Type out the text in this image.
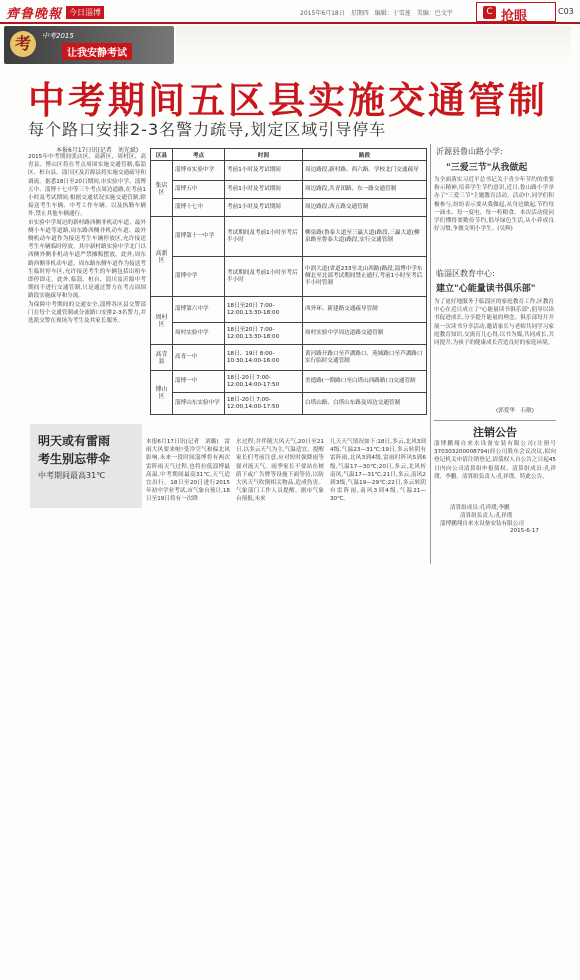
齊鲁晚報 今日淄博	2015年6月18日　星期四　编辑：于雪莲　美编：巴文宇	C 抢眼	C03
考	中考2015
让我安静考试
中考期间五区县实施交通管制
每个路口安排2-3名警力疏导,划定区域引导停车
本报6月17日讯(记者　刘光斌)

2015年中考期间张店区、高新区、周村区、高青县、博山区将在考点周围实施交通管制,临淄区、桓台县、淄川区及沂源县将实施交通疏导和调流。据悉18日至20日期间,市实验中学、淄博五中、淄博十七中等三个考点周边道路,在考前1小时及考试期间,根据交通状况实施交通管制,除接送考生车辆、中考工作车辆、以及执勤车辆外,禁止其他车辆通行。

市实验中学周边的新村路西侧非机动车道、最外侧小车道等道路,周东路西侧非机动车道、最外侧机动车道作为接送考生车辆停放区,允许接送考生车辆临时停放。其中新村路实验中学北门以西侧外侧非机动车道严禁摊贩摆放。此外,周东路西侧非机动车道、周东路东侧车道作为接送考生临时停车区,允许接送考生的车辆包括出租车即停即走。此外,临淄、桓台、淄川及沂源中考期间不进行交通管制,只是通过警力在考点周围路段实施疏导和分流。

为保障中考期间的交通安全,淄博各区县交警部门在每个交通管制或分流路口安排2-3名警力,并选派交警在现场为考生及其家长服务。

区县	考点	时间	路段
张店区	淄博市实验中学	考前1小时及考试期间	周边路段,新村路、西六路、学校北门交通疏导
	淄博五中	考前1小时及考试期间	周边路段,共青团路、东一路交通管制
	淄博十七中	考前1小时及考试期间	周边路段,西五路交通管制
高新区	淄博第十一中学	考试期间及考前1小时至考后半小时	柳泉路(鲁泰大道至三赢大道)路段,三赢大道(柳泉路至鲁泰大道)路段,实行交通管制
	淄博中学	考试期间及考前1小时至考后半小时	中润大道(省道233至北山西路)路段,淄博中学东侧北至北部考试期间禁止通行,考前1小时至考后半小时管制
周村区	淄博第六中学	18日至20日 7:00-12:00,13:30-18:00	西外环、新建路交通疏导管制
	周村实验中学	18日至20日 7:00-12:00,13:30-18:00	周村实验中学周边道路交通管制
高青县	高青一中	18日、19日 8:00-10:30,14:00-16:00	黄河路开路口至芦湖路口、苑城路口至芦湖路口实行临时交通管制
博山区	淄博一中	18日-20日 7:00-12:00,14:00-17:50	美德路(一期路口至白塔山西路路口)交通管制
	淄博山东实验中学	18日-20日 7:00-12:00,14:00-17:50	白塔山路、白塔山东路及周边交通管制
明天或有雷雨
考生别忘带伞
中考期间最高31℃
本报6月17日讯(记者　刘璐)　雷雨大风要来啦!受冷空气和偏北风影响,未来一段时间淄博将有两次雷阵雨天气过程,也将拉低淄博最高温,中考期间最高31℃,天气适宜出行。18日至20日进行2015年初中学业考试,市气象台预计,18日至19日将有一次降
水过程,并伴随大风天气,20日至21日,以多云天气为主,气温适宜。提醒家长们考前注意,应对短时强降雨等强对流天气。雨季家长不要站在树荫下或广告牌等设施下面等待,以防大风天气吹倒相关物品,造成伤害。气象部门工作人员提醒。据市气象台预报,未来
几天天气情况如下:18日,多云,北风3到4级,气温23—31℃;19日,多云转阴有雷阵雨,北风3到4级,雷雨时阵风5到6级,气温17—30℃;20日,多云,北风转南风,气温17—31℃;21日,多云,南风2到3级,气温19—29℃;22日,多云转阴有雷阵雨,南风3到4级,气温21—30℃。
沂源县鲁山路小学:
"三爱三节"从我做起
为全面落实习近平总书记关于青少年节约的重要指示精神,培养学生节约意识,近日,鲁山路小学举办了"三爱三节"主题教育活动。活动中,同学们积极参与,纷纷表示要从我做起,从身边做起,节约每一滴水、每一度电、每一粒粮食。本次活动使同学们懂得要勤俭节约,倡导绿色生活,从小养成良好习惯,争做文明小学生。(吴辉)
临淄区教育中心:
建立"心能量读书俱乐部"
为了更好地服务于临淄区的家庭教育工作,区教育中心在近日成立了"心能量读书俱乐部",倡导以读书促进成长,分享提升能量的理念。俱乐部每月开展一次读书分享活动,邀请家长与老师共同学习家庭教育知识,交流育儿心得,以书为媒,共同成长,共同提升,为孩子的健康成长营造良好的家庭环境。
(郭爱华　石敏)
注销公告
淄博鹏翔自来水设备安装有限公司(注册号370303200008794)经公司股东会议决议,拟向登记机关申请注销登记,请债权人自公告之日起45日内向公司清算组申报债权。清算组成员:孔祥璞、李鹏。清算组负责人:孔祥璞。特此公告。
清算组成员:孔祥璞,李鹏
清算组负责人:孔祥璞
淄博鹏翔自来水设备安装有限公司
2015-6-17
